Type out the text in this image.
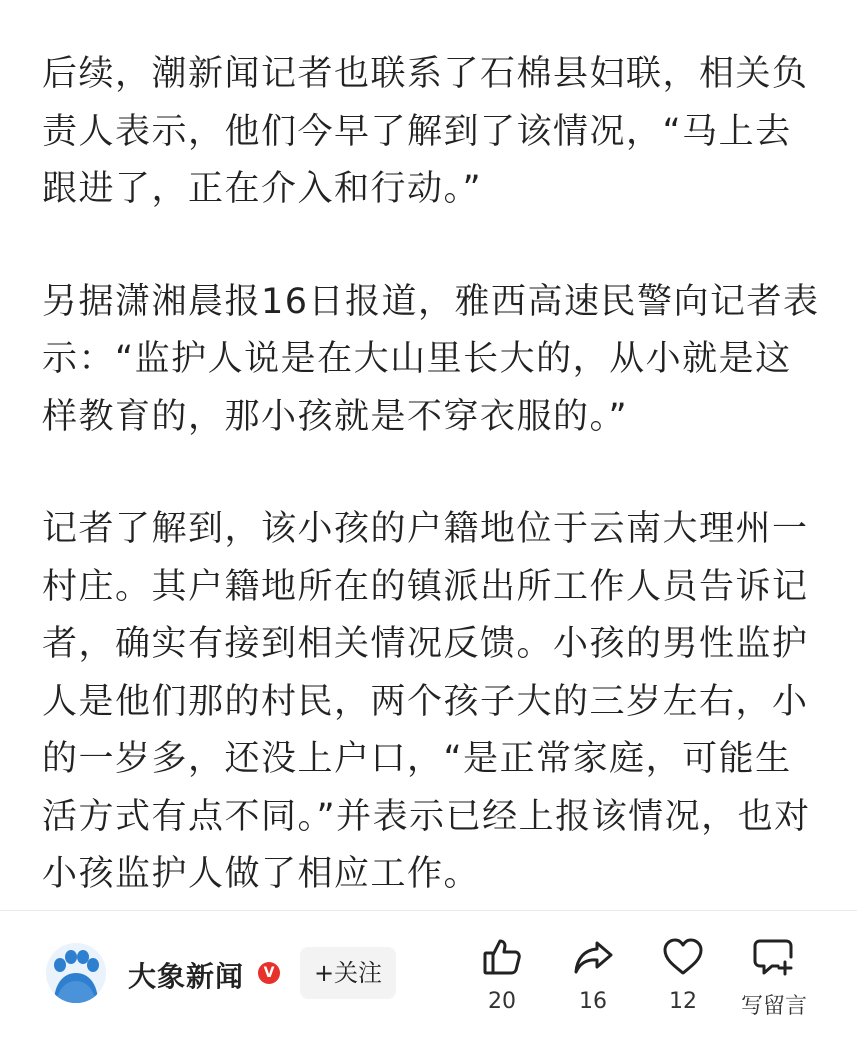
后续，潮新闻记者也联系了石棉县妇联，相关负责人表示，他们今早了解到了该情况，“马上去跟进了，正在介入和行动。”

另据潇湘晨报16日报道，雅西高速民警向记者表示：“监护人说是在大山里长大的，从小就是这样教育的，那小孩就是不穿衣服的。”

记者了解到，该小孩的户籍地位于云南大理州一村庄。其户籍地所在的镇派出所工作人员告诉记者，确实有接到相关情况反馈。小孩的男性监护人是他们那的村民，两个孩子大的三岁左右，小的一岁多，还没上户口，“是正常家庭，可能生活方式有点不同。”并表示已经上报该情况，也对小孩监护人做了相应工作。

大象新闻	V	+关注
20	16	12	写留言
